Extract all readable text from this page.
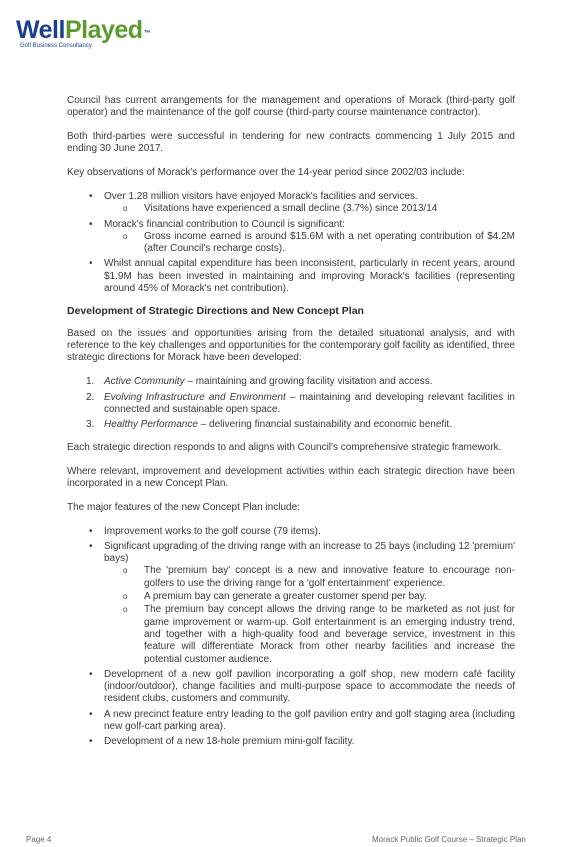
WellPlayed™
Golf Business Consultancy

Council has current arrangements for the management and operations of Morack (third-party golf operator) and the maintenance of the golf course (third-party course maintenance contractor).

Both third-parties were successful in tendering for new contracts commencing 1 July 2015 and ending 30 June 2017.

Key observations of Morack's performance over the 14-year period since 2002/03 include:

• Over 1.28 million visitors have enjoyed Morack's facilities and services.
o Visitations have experienced a small decline (3.7%) since 2013/14
• Morack's financial contribution to Council is significant:
o Gross income earned is around $15.6M with a net operating contribution of $4.2M (after Council's recharge costs).
• Whilst annual capital expenditure has been inconsistent, particularly in recent years, around $1.9M has been invested in maintaining and improving Morack's facilities (representing around 45% of Morack's net contribution).
Development of Strategic Directions and New Concept Plan

Based on the issues and opportunities arising from the detailed situational analysis, and with reference to the key challenges and opportunities for the contemporary golf facility as identified, three strategic directions for Morack have been developed:

1. Active Community – maintaining and growing facility visitation and access.
2. Evolving Infrastructure and Environment – maintaining and developing relevant facilities in connected and sustainable open space.
3. Healthy Performance – delivering financial sustainability and economic benefit.

Each strategic direction responds to and aligns with Council's comprehensive strategic framework.

Where relevant, improvement and development activities within each strategic direction have been incorporated in a new Concept Plan.

The major features of the new Concept Plan include:

• Improvement works to the golf course (79 items).
• Significant upgrading of the driving range with an increase to 25 bays (including 12 'premium' bays)
o The 'premium bay' concept is a new and innovative feature to encourage non-golfers to use the driving range for a 'golf entertainment' experience.
o A premium bay can generate a greater customer spend per bay.
o The premium bay concept allows the driving range to be marketed as not just for game improvement or warm-up. Golf entertainment is an emerging industry trend, and together with a high-quality food and beverage service, investment in this feature will differentiate Morack from other nearby facilities and increase the potential customer audience.
• Development of a new golf pavilion incorporating a golf shop, new modern café facility (indoor/outdoor), change facilities and multi-purpose space to accommodate the needs of resident clubs, customers and community.
• A new precinct feature entry leading to the golf pavilion entry and golf staging area (including new golf-cart parking area).
• Development of a new 18-hole premium mini-golf facility.
Page 4	Morack Public Golf Course – Strategic Plan
